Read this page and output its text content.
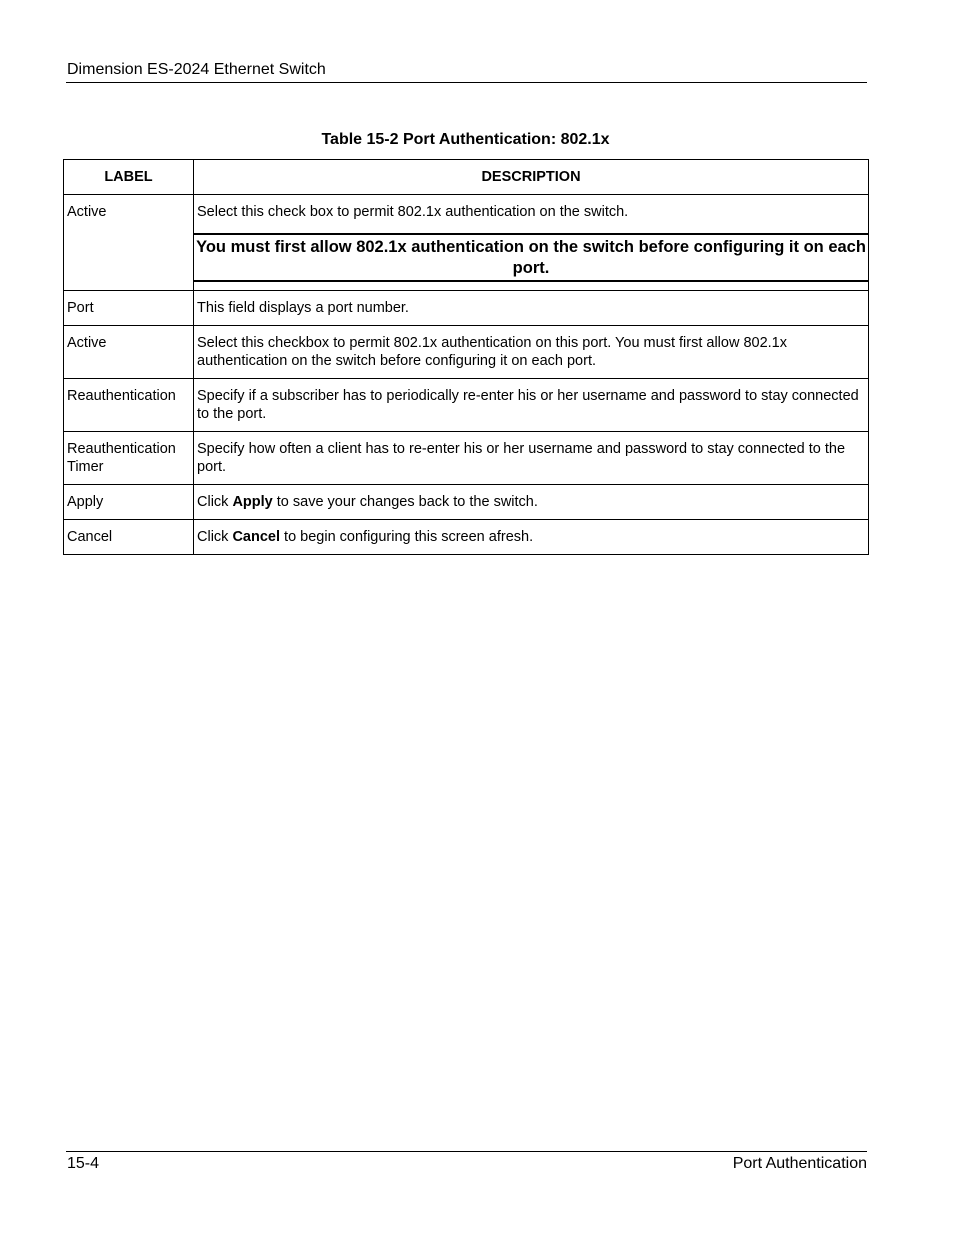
Dimension ES-2024 Ethernet Switch
Table 15-2 Port Authentication: 802.1x
LABEL	DESCRIPTION
Active	Select this check box to permit 802.1x authentication on the switch.
You must first allow 802.1x authentication on the switch before configuring it on each port.

Port	This field displays a port number.
Active	Select this checkbox to permit 802.1x authentication on this port. You must first allow 802.1x authentication on the switch before configuring it on each port.
Reauthentication	Specify if a subscriber has to periodically re-enter his or her username and password to stay connected to the port.
Reauthentication Timer	Specify how often a client has to re-enter his or her username and password to stay connected to the port.
Apply	Click Apply to save your changes back to the switch.
Cancel	Click Cancel to begin configuring this screen afresh.
15-4	Port Authentication
